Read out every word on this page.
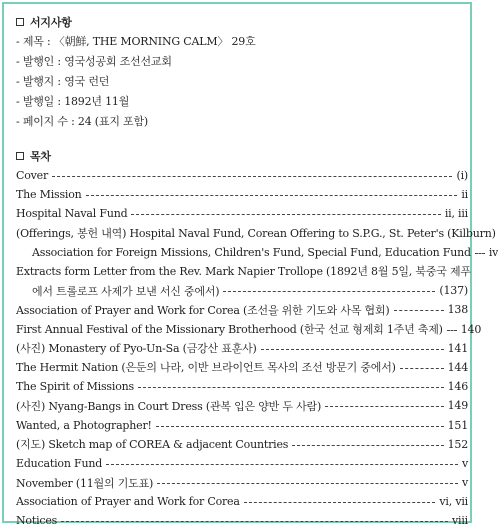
서지사항
- 제목 : 〈朝鮮, THE MORNING CALM〉 29호
- 발행인 : 영국성공회 조선선교회
- 발행지 : 영국 런던
- 발행일 : 1892년 11월
- 페이지 수 : 24 (표지 포함)
목차
Cover	(i)
The Mission	ii
Hospital Naval Fund	ii, iii
(Offerings, 봉헌 내역) Hospital Naval Fund, Corean Offering to S.P.G., St. Peter's (Kilburn)
Association for Foreign Missions, Children's Fund, Special Fund, Education Fund iv
Extracts form Letter from the Rev. Mark Napier Trollope (1892년 8월 5일, 북중국 제푸
에서 트롤로프 사제가 보낸 서신 중에서)	(137)
Association of Prayer and Work for Corea (조선을 위한 기도와 사목 협회)	138
First Annual Festival of the Missionary Brotherhood (한국 선교 형제회 1주년 축제) 140
(사진) Monastery of Pyo-Un-Sa (금강산 표훈사)	141
The Hermit Nation (은둔의 나라, 이반 브라이언트 목사의 조선 방문기 중에서)	144
The Spirit of Missions	146
(사진) Nyang-Bangs in Court Dress (관복 입은 양반 두 사람)	149
Wanted, a Photographer!	151
(지도) Sketch map of COREA & adjacent Countries	152
Education Fund	v
November (11월의 기도표)	v
Association of Prayer and Work for Corea	vi, vii
Notices	viii
